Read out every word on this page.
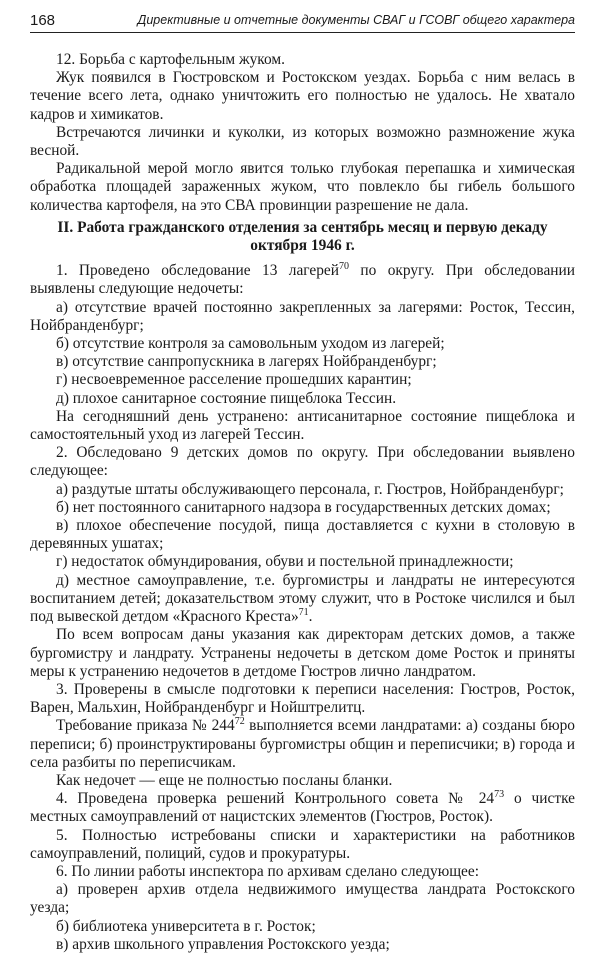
168	Директивные и отчетные документы СВАГ и ГСОВГ общего характера

12. Борьба с картофельным жуком.

Жук появился в Гюстровском и Ростокском уездах. Борьба с ним велась в течение всего лета, однако уничтожить его полностью не удалось. Не хватало кадров и химикатов.

Встречаются личинки и куколки, из которых возможно размножение жука весной.

Радикальной мерой могло явится только глубокая перепашка и химическая обработка площадей зараженных жуком, что повлекло бы гибель большого количества картофеля, на это СВА провинции разрешение не дала.

II. Работа гражданского отделения за сентябрь месяц и первую декаду октября 1946 г.

1. Проведено обследование 13 лагерей$^{70}$ по округу. При обследовании выявлены следующие недочеты:

а) отсутствие врачей постоянно закрепленных за лагерями: Росток, Тессин, Нойбранденбург;

б) отсутствие контроля за самовольным уходом из лагерей;

в) отсутствие санпропускника в лагерях Нойбранденбург;

г) несвоевременное расселение прошедших карантин;

д) плохое санитарное состояние пищеблока Тессин.

На сегодняшний день устранено: антисанитарное состояние пищеблока и самостоятельный уход из лагерей Тессин.

2. Обследовано 9 детских домов по округу. При обследовании выявлено следующее:

а) раздутые штаты обслуживающего персонала, г. Гюстров, Нойбранденбург;

б) нет постоянного санитарного надзора в государственных детских домах;

в) плохое обеспечение посудой, пища доставляется с кухни в столовую в деревянных ушатах;

г) недостаток обмундирования, обуви и постельной принадлежности;

д) местное самоуправление, т.е. бургомистры и ландраты не интересуются воспитанием детей; доказательством этому служит, что в Ростоке числился и был под вывеской детдом «Красного Креста»$^{71}$.

По всем вопросам даны указания как директорам детских домов, а также бургомистру и ландрату. Устранены недочеты в детском доме Росток и приняты меры к устранению недочетов в детдоме Гюстров лично ландратом.

3. Проверены в смысле подготовки к переписи населения: Гюстров, Росток, Варен, Мальхин, Нойбранденбург и Нойштрелитц.

Требование приказа № $244^{72}$ выполняется всеми ландратами: а) созданы бюро переписи; б) проинструктированы бургомистры общин и переписчики; в) города и села разбиты по переписчикам.

Как недочет — еще не полностью посланы бланки.

4. Проведена проверка решений Контрольного совета № $24^{73}$ о чистке местных самоуправлений от нацистских элементов (Гюстров, Росток).

5. Полностью истребованы списки и характеристики на работников самоуправлений, полиций, судов и прокуратуры.

6. По линии работы инспектора по архивам сделано следующее:

а) проверен архив отдела недвижимого имущества ландрата Ростокского уезда;

б) библиотека университета в г. Росток;

в) архив школьного управления Ростокского уезда;
